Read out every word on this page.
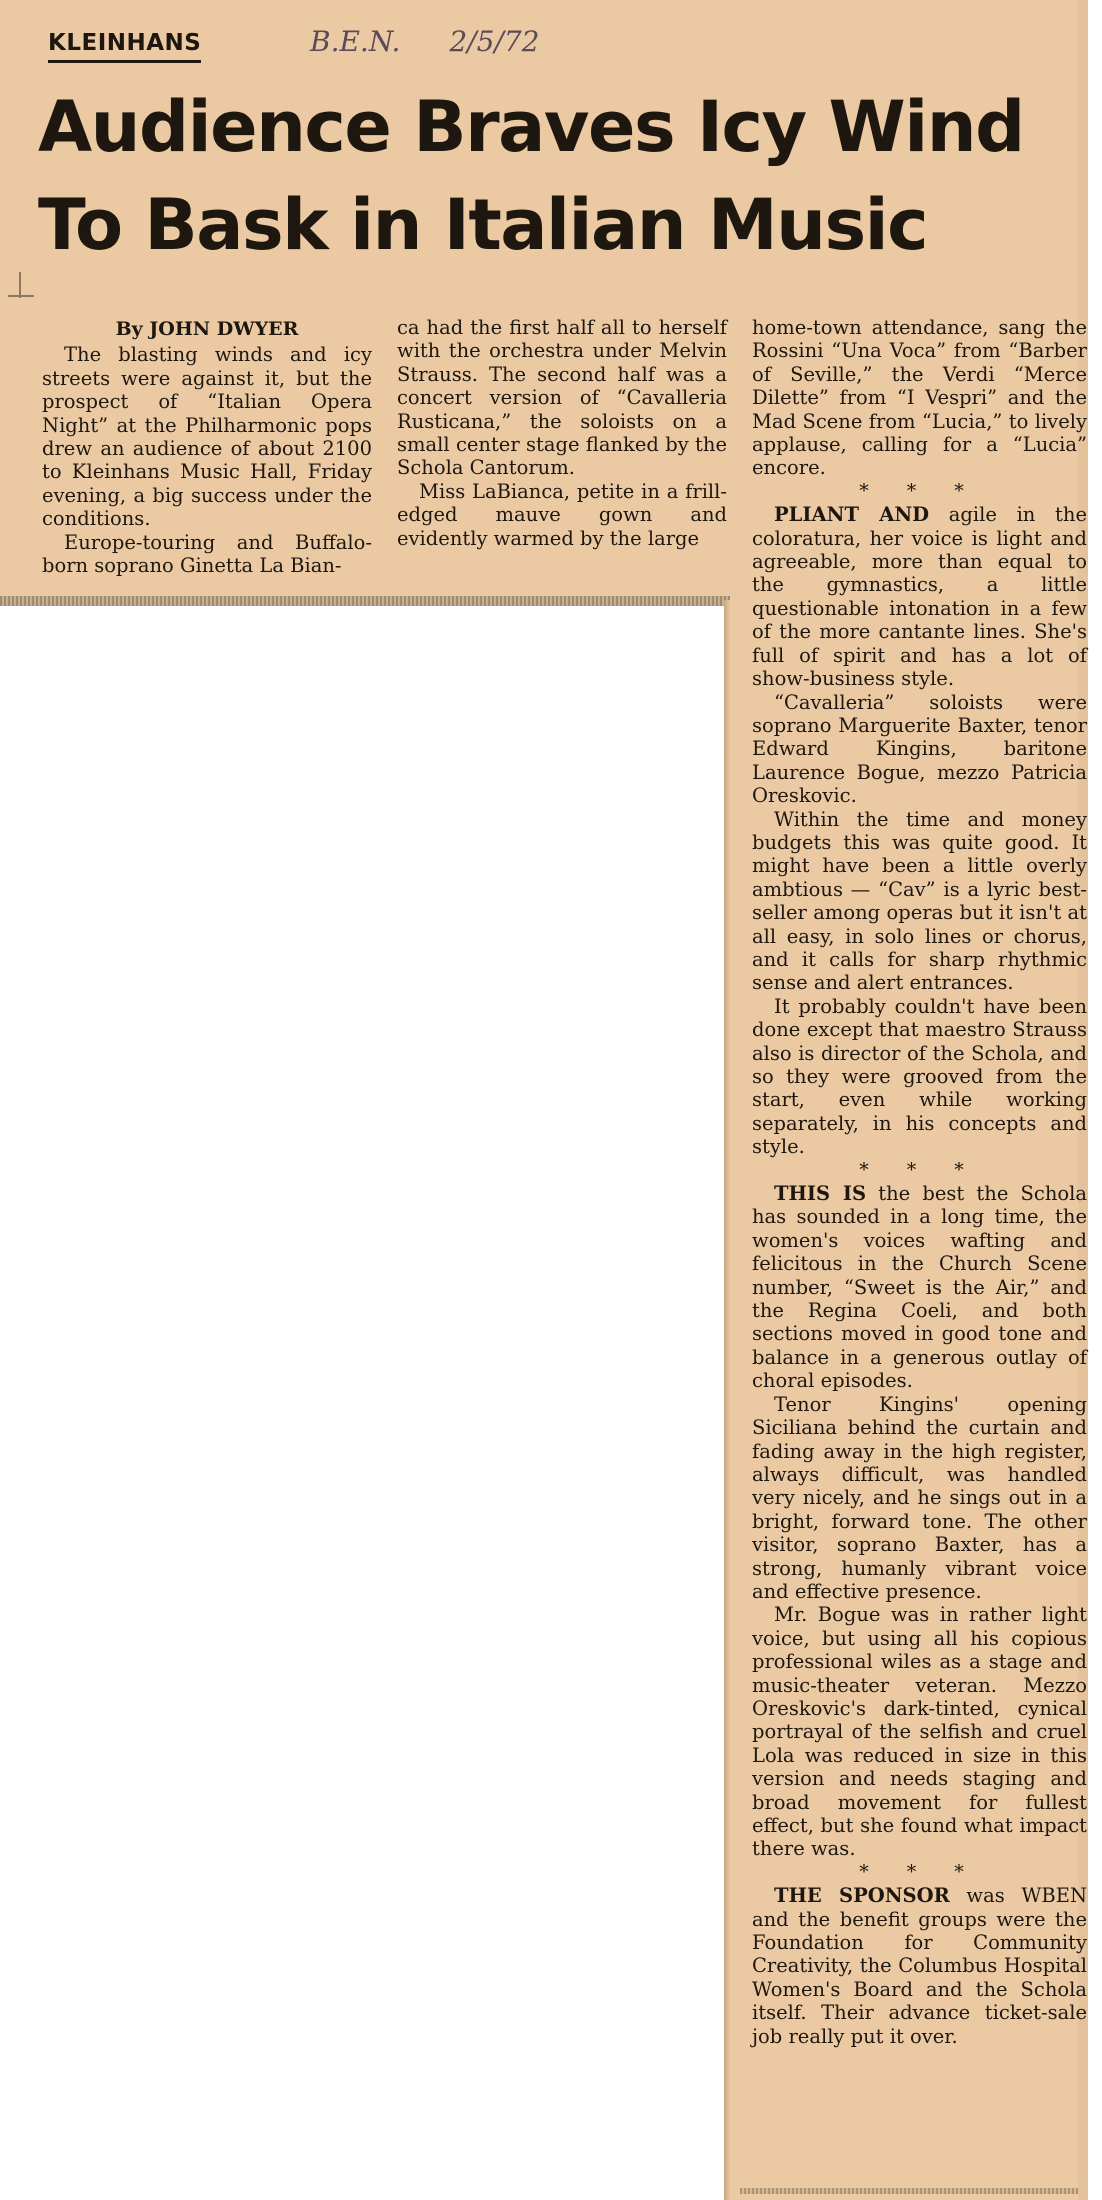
KLEINHANS	B.E.N. 2/5/72
Audience Braves Icy Wind To Bask in Italian Music
By JOHN DWYER

The blasting winds and icy streets were against it, but the prospect of “Italian Opera Night” at the Philharmonic pops drew an audience of about 2100 to Kleinhans Music Hall, Friday evening, a big success under the conditions.

Europe-touring and Buffalo-born soprano Ginetta La Bian-

ca had the first half all to herself with the orchestra under Melvin Strauss. The second half was a concert version of “Cavalleria Rusticana,” the soloists on a small center stage flanked by the Schola Cantorum.

Miss LaBianca, petite in a frill-edged mauve gown and evidently warmed by the large

home-town attendance, sang the Rossini “Una Voca” from “Barber of Seville,” the Verdi “Merce Dilette” from “I Vespri” and the Mad Scene from “Lucia,” to lively applause, calling for a “Lucia” encore.

* * *

PLIANT AND agile in the coloratura, her voice is light and agreeable, more than equal to the gymnastics, a little questionable intonation in a few of the more cantante lines. She's full of spirit and has a lot of show-business style.

“Cavalleria” soloists were soprano Marguerite Baxter, tenor Edward Kingins, baritone Laurence Bogue, mezzo Patricia Oreskovic.

Within the time and money budgets this was quite good. It might have been a little overly ambtious — “Cav” is a lyric best-seller among operas but it isn't at all easy, in solo lines or chorus, and it calls for sharp rhythmic sense and alert entrances.

It probably couldn't have been done except that maestro Strauss also is director of the Schola, and so they were grooved from the start, even while working separately, in his concepts and style.

* * *

THIS IS the best the Schola has sounded in a long time, the women's voices wafting and felicitous in the Church Scene number, “Sweet is the Air,” and the Regina Coeli, and both sections moved in good tone and balance in a generous outlay of choral episodes.

Tenor Kingins' opening Siciliana behind the curtain and fading away in the high register, always difficult, was handled very nicely, and he sings out in a bright, forward tone. The other visitor, soprano Baxter, has a strong, humanly vibrant voice and effective presence.

Mr. Bogue was in rather light voice, but using all his copious professional wiles as a stage and music-theater veteran. Mezzo Oreskovic's dark-tinted, cynical portrayal of the selfish and cruel Lola was reduced in size in this version and needs staging and broad movement for fullest effect, but she found what impact there was.

* * *

THE SPONSOR was WBEN and the benefit groups were the Foundation for Community Creativity, the Columbus Hospital Women's Board and the Schola itself. Their advance ticket-sale job really put it over.
